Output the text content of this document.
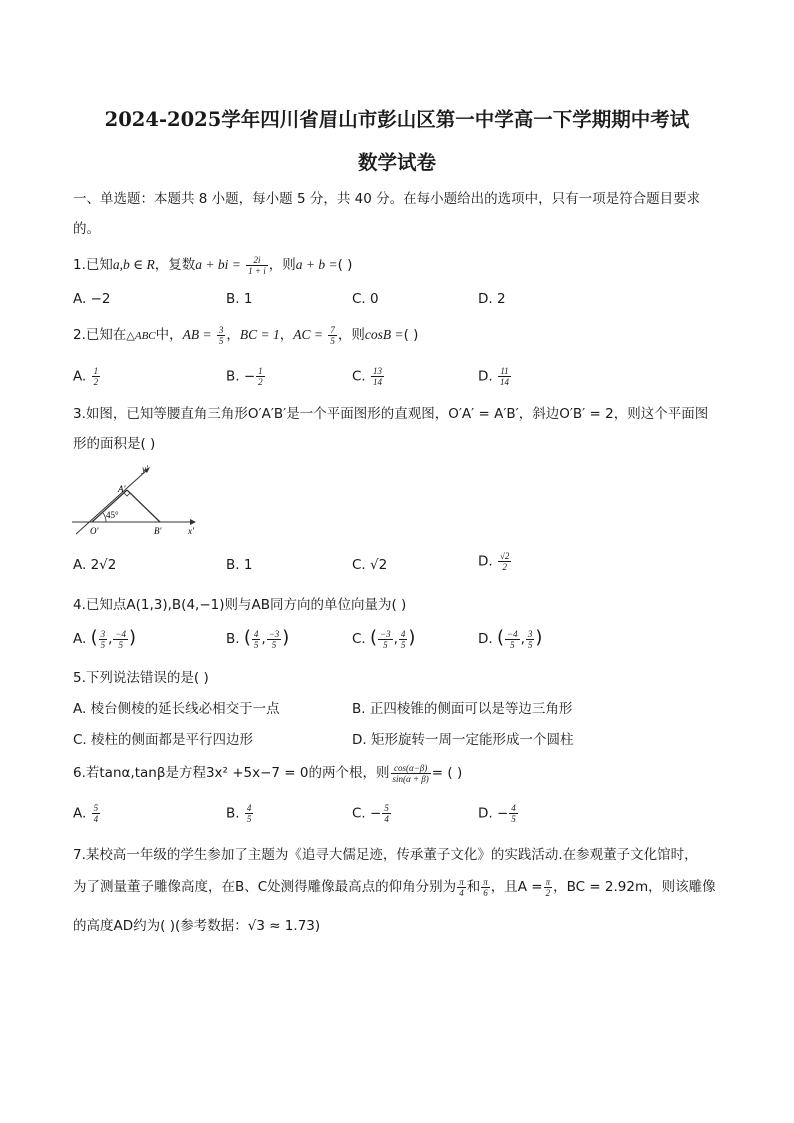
2024-2025学年四川省眉山市彭山区第一中学高一下学期期中考试
数学试卷
一、单选题：本题共 8 小题，每小题 5 分，共 40 分。在每小题给出的选项中，只有一项是符合题目要求
的。
1.已知a,b ∈ R，复数a + bi = $\frac{2i}{1 + i}$ ，则a + b =( )
A. −2	B. 1	C. 0	D. 2
2.已知在△ABC中，AB = $\frac{3}{5}$ ，BC = 1，AC = $\frac{7}{5}$ ，则cosB =( )
A. $\frac{1}{2}$	B. − $\frac{1}{2}$	C. $\frac{13}{14}$	D. $\frac{11}{14}$
3.如图，已知等腰直角三角形O′A′B′是一个平面图形的直观图，O′A′ = A′B′，斜边O′B′ = 2，则这个平面图
形的面积是( )
y′
x′
A′
O′	B′
45°
A. 2√2	B. 1	C. √2	D. $\frac{√2}{2}$
4.已知点A(1,3),B(4,−1)则与AB同方向的单位向量为( )
A. ( $\frac{3}{5}$ , $\frac{-4}{5}$ )	B. ( $\frac{4}{5}$ , $\frac{-3}{5}$ )	C. ( $\frac{-3}{5}$ , $\frac{4}{5}$ )	D. ( $\frac{-4}{5}$ , $\frac{3}{5}$ )
5.下列说法错误的是( )
A. 棱台侧棱的延长线必相交于一点	B. 正四棱锥的侧面可以是等边三角形
C. 棱柱的侧面都是平行四边形	D. 矩形旋转一周一定能形成一个圆柱
6.若tanα,tanβ是方程3x² +5x−7 = 0的两个根，则 $\frac{\cos(\alpha-\beta)}{\sin(\alpha + \beta)}$ = ( )
A. $\frac{5}{4}$	B. $\frac{4}{5}$	C. − $\frac{5}{4}$	D. − $\frac{4}{5}$
7.某校高一年级的学生参加了主题为《追寻大儒足迹，传承董子文化》的实践活动.在参观董子文化馆时，
为了测量董子雕像高度，在B、C处测得雕像最高点的仰角分别为 $\frac{\pi}{4}$ 和 $\frac{\pi}{6}$ ，且$A = \frac{\pi}{2}$ ，BC = 2.92m，则该雕像
的高度AD约为( )(参考数据：√3 ≈ 1.73)
